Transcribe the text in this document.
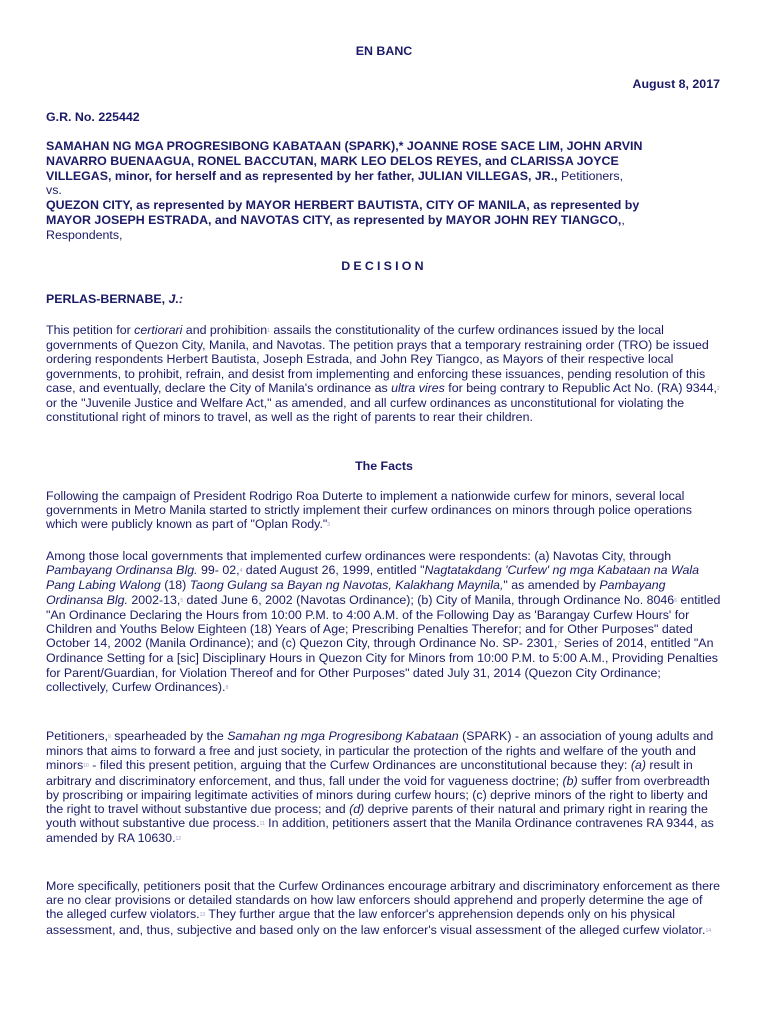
EN BANC
August 8, 2017
G.R. No. 225442
SAMAHAN NG MGA PROGRESIBONG KABATAAN (SPARK),* JOANNE ROSE SACE LIM, JOHN ARVIN
NAVARRO BUENAAGUA, RONEL BACCUTAN, MARK LEO DELOS REYES, and CLARISSA JOYCE
VILLEGAS, minor, for herself and as represented by her father, JULIAN VILLEGAS, JR., Petitioners,
vs.
QUEZON CITY, as represented by MAYOR HERBERT BAUTISTA, CITY OF MANILA, as represented by
MAYOR JOSEPH ESTRADA, and NAVOTAS CITY, as represented by MAYOR JOHN REY TIANGCO,,
Respondents,
DECISION
PERLAS-BERNABE, J.:
This petition for certiorari and prohibition$^1$ assails the constitutionality of the curfew ordinances issued by the local governments of Quezon City, Manila, and Navotas. The petition prays that a temporary restraining order (TRO) be issued ordering respondents Herbert Bautista, Joseph Estrada, and John Rey Tiangco, as Mayors of their respective local governments, to prohibit, refrain, and desist from implementing and enforcing these issuances, pending resolution of this case, and eventually, declare the City of Manila's ordinance as ultra vires for being contrary to Republic Act No. (RA) 9344,$^2$ or the "Juvenile Justice and Welfare Act," as amended, and all curfew ordinances as unconstitutional for violating the constitutional right of minors to travel, as well as the right of parents to rear their children.
The Facts
Following the campaign of President Rodrigo Roa Duterte to implement a nationwide curfew for minors, several local governments in Metro Manila started to strictly implement their curfew ordinances on minors through police operations which were publicly known as part of "Oplan Rody."$^3$
Among those local governments that implemented curfew ordinances were respondents: (a) Navotas City, through Pambayang Ordinansa Blg. 99- 02,$^4$ dated August 26, 1999, entitled "Nagtatakdang 'Curfew' ng mga Kabataan na Wala Pang Labing Walong (18) Taong Gulang sa Bayan ng Navotas, Kalakhang Maynila," as amended by Pambayang Ordinansa Blg. 2002-13,$^5$ dated June 6, 2002 (Navotas Ordinance); (b) City of Manila, through Ordinance No. 8046$^6$ entitled "An Ordinance Declaring the Hours from 10:00 P.M. to 4:00 A.M. of the Following Day as 'Barangay Curfew Hours' for Children and Youths Below Eighteen (18) Years of Age; Prescribing Penalties Therefor; and for Other Purposes" dated October 14, 2002 (Manila Ordinance); and (c) Quezon City, through Ordinance No. SP- 2301,$^7$ Series of 2014, entitled "An Ordinance Setting for a [sic] Disciplinary Hours in Quezon City for Minors from 10:00 P.M. to 5:00 A.M., Providing Penalties for Parent/Guardian, for Violation Thereof and for Other Purposes" dated July 31, 2014 (Quezon City Ordinance; collectively, Curfew Ordinances).$^8$
Petitioners,$^9$ spearheaded by the Samahan ng mga Progresibong Kabataan (SPARK) - an association of young adults and minors that aims to forward a free and just society, in particular the protection of the rights and welfare of the youth and minors$^{10}$ - filed this present petition, arguing that the Curfew Ordinances are unconstitutional because they: (a) result in arbitrary and discriminatory enforcement, and thus, fall under the void for vagueness doctrine; (b) suffer from overbreadth by proscribing or impairing legitimate activities of minors during curfew hours; (c) deprive minors of the right to liberty and the right to travel without substantive due process; and (d) deprive parents of their natural and primary right in rearing the youth without substantive due process.$^{11}$ In addition, petitioners assert that the Manila Ordinance contravenes RA 9344, as amended by RA 10630.12
More specifically, petitioners posit that the Curfew Ordinances encourage arbitrary and discriminatory enforcement as there are no clear provisions or detailed standards on how law enforcers should apprehend and properly determine the age of the alleged curfew violators.$^{13}$ They further argue that the law enforcer's apprehension depends only on his physical assessment, and, thus, subjective and based only on the law enforcer's visual assessment of the alleged curfew violator.$^{14}$
